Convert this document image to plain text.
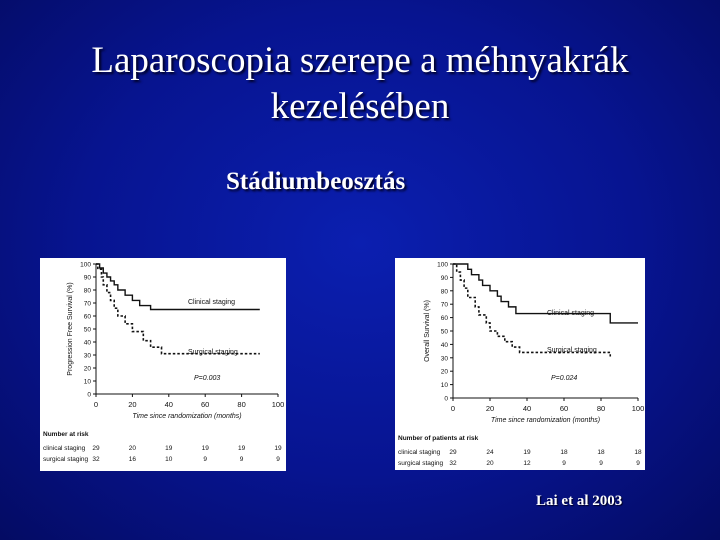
Laparoscopia szerepe a méhnyakrák
kezelésében
Stádiumbeosztás
0
10
20
30
40
50
60
70
80
90
100
0	20	40	60	80	100
Time since randomization (months)
Progression Free Survival (%)	Clinical staging
Surgical staging
P=0.003
Number at risk
clinical staging 29	20	19	19	19	19
surgical staging 32	16	10	9	9	9
0
10
20
30
40
50
60
70
80
90
100
0	20	40	60	80	100
Time since randomization (months)
Overall Survival (%)	Clinical staging
Surgical staging
P=0.024
Number of patients at risk
clinical staging 29	24	19	18	18	18
surgical staging 32	20	12	9	9	9
Lai et al 2003
